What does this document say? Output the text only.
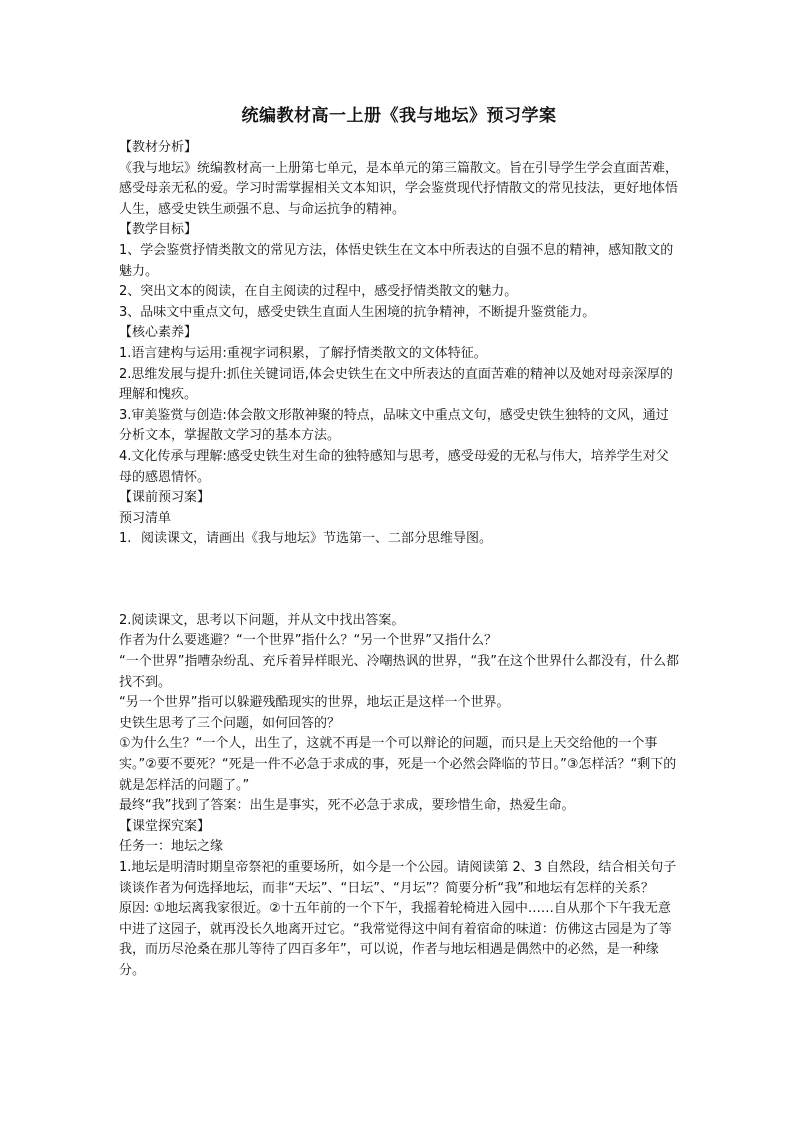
统编教材高一上册《我与地坛》预习学案
【教材分析】
《我与地坛》统编教材高一上册第七单元，是本单元的第三篇散文。旨在引导学生学会直面苦难，感受母亲无私的爱。学习时需掌握相关文本知识，学会鉴赏现代抒情散文的常见技法，更好地体悟人生，感受史铁生顽强不息、与命运抗争的精神。
【教学目标】
1、学会鉴赏抒情类散文的常见方法，体悟史铁生在文本中所表达的自强不息的精神，感知散文的魅力。
2、突出文本的阅读，在自主阅读的过程中，感受抒情类散文的魅力。
3、品味文中重点文句，感受史铁生直面人生困境的抗争精神，不断提升鉴赏能力。
【核心素养】
1.语言建构与运用:重视字词积累，了解抒情类散文的文体特征。
2.思维发展与提升:抓住关键词语,体会史铁生在文中所表达的直面苦难的精神以及她对母亲深厚的理解和愧疚。
3.审美鉴赏与创造:体会散文形散神聚的特点，品味文中重点文句，感受史铁生独特的文风，通过分析文本，掌握散文学习的基本方法。
4.文化传承与理解:感受史铁生对生命的独特感知与思考，感受母爱的无私与伟大，培养学生对父母的感恩情怀。
【课前预习案】
预习清单
1. 阅读课文，请画出《我与地坛》节选第一、二部分思维导图。
2.阅读课文，思考以下问题，并从文中找出答案。
作者为什么要逃避？“一个世界”指什么？“另一个世界”又指什么？
“一个世界”指嘈杂纷乱、充斥着异样眼光、冷嘲热讽的世界，“我”在这个世界什么都没有，什么都找不到。
“另一个世界”指可以躲避残酷现实的世界，地坛正是这样一个世界。
史铁生思考了三个问题，如何回答的？
①为什么生？“一个人，出生了，这就不再是一个可以辩论的问题，而只是上天交给他的一个事实。”②要不要死？“死是一件不必急于求成的事，死是一个必然会降临的节日。”③怎样活？“剩下的就是怎样活的问题了。”
最终“我”找到了答案：出生是事实，死不必急于求成，要珍惜生命，热爱生命。
【课堂探究案】
任务一：地坛之缘
1.地坛是明清时期皇帝祭祀的重要场所，如今是一个公园。请阅读第 2、3 自然段，结合相关句子谈谈作者为何选择地坛，而非“天坛”、“日坛”、“月坛”？简要分析“我”和地坛有怎样的关系？
原因: ①地坛离我家很近。②十五年前的一个下午，我摇着轮椅进入园中……自从那个下午我无意中进了这园子，就再没长久地离开过它。“我常觉得这中间有着宿命的味道：仿佛这古园是为了等我，而历尽沧桑在那儿等待了四百多年”，可以说，作者与地坛相遇是偶然中的必然，是一种缘分。
